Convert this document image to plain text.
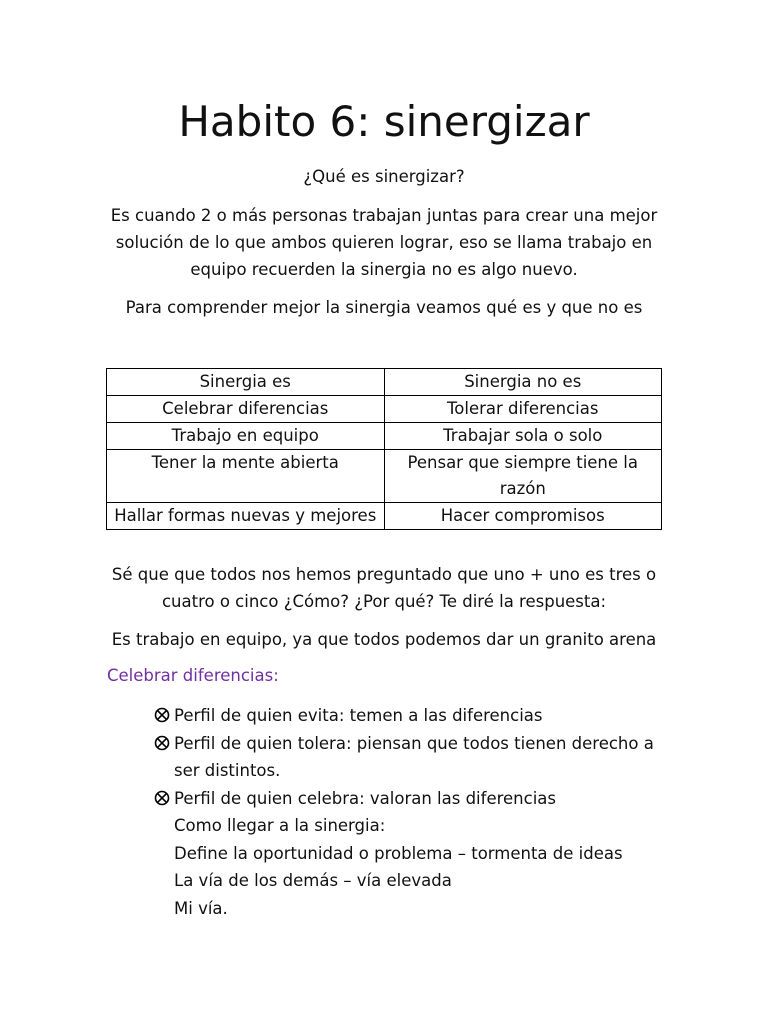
Habito 6: sinergizar
¿Qué es sinergizar?
Es cuando 2 o más personas trabajan juntas para crear una mejor solución de lo que ambos quieren lograr, eso se llama trabajo en equipo recuerden la sinergia no es algo nuevo.
Para comprender mejor la sinergia veamos qué es y que no es
Sinergia es	Sinergia no es
Celebrar diferencias	Tolerar diferencias
Trabajo en equipo	Trabajar sola o solo
Tener la mente abierta	Pensar que siempre tiene la razón
Hallar formas nuevas y mejores	Hacer compromisos
Sé que que todos nos hemos preguntado que uno + uno es tres o cuatro o cinco ¿Cómo? ¿Por qué? Te diré la respuesta:
Es trabajo en equipo, ya que todos podemos dar un granito arena
Celebrar diferencias:
Perfil de quien evita: temen a las diferencias
Perfil de quien tolera: piensan que todos tienen derecho a ser distintos.
Perfil de quien celebra: valoran las diferencias
Como llegar a la sinergia:
Define la oportunidad o problema – tormenta de ideas
La vía de los demás – vía elevada
Mi vía.
